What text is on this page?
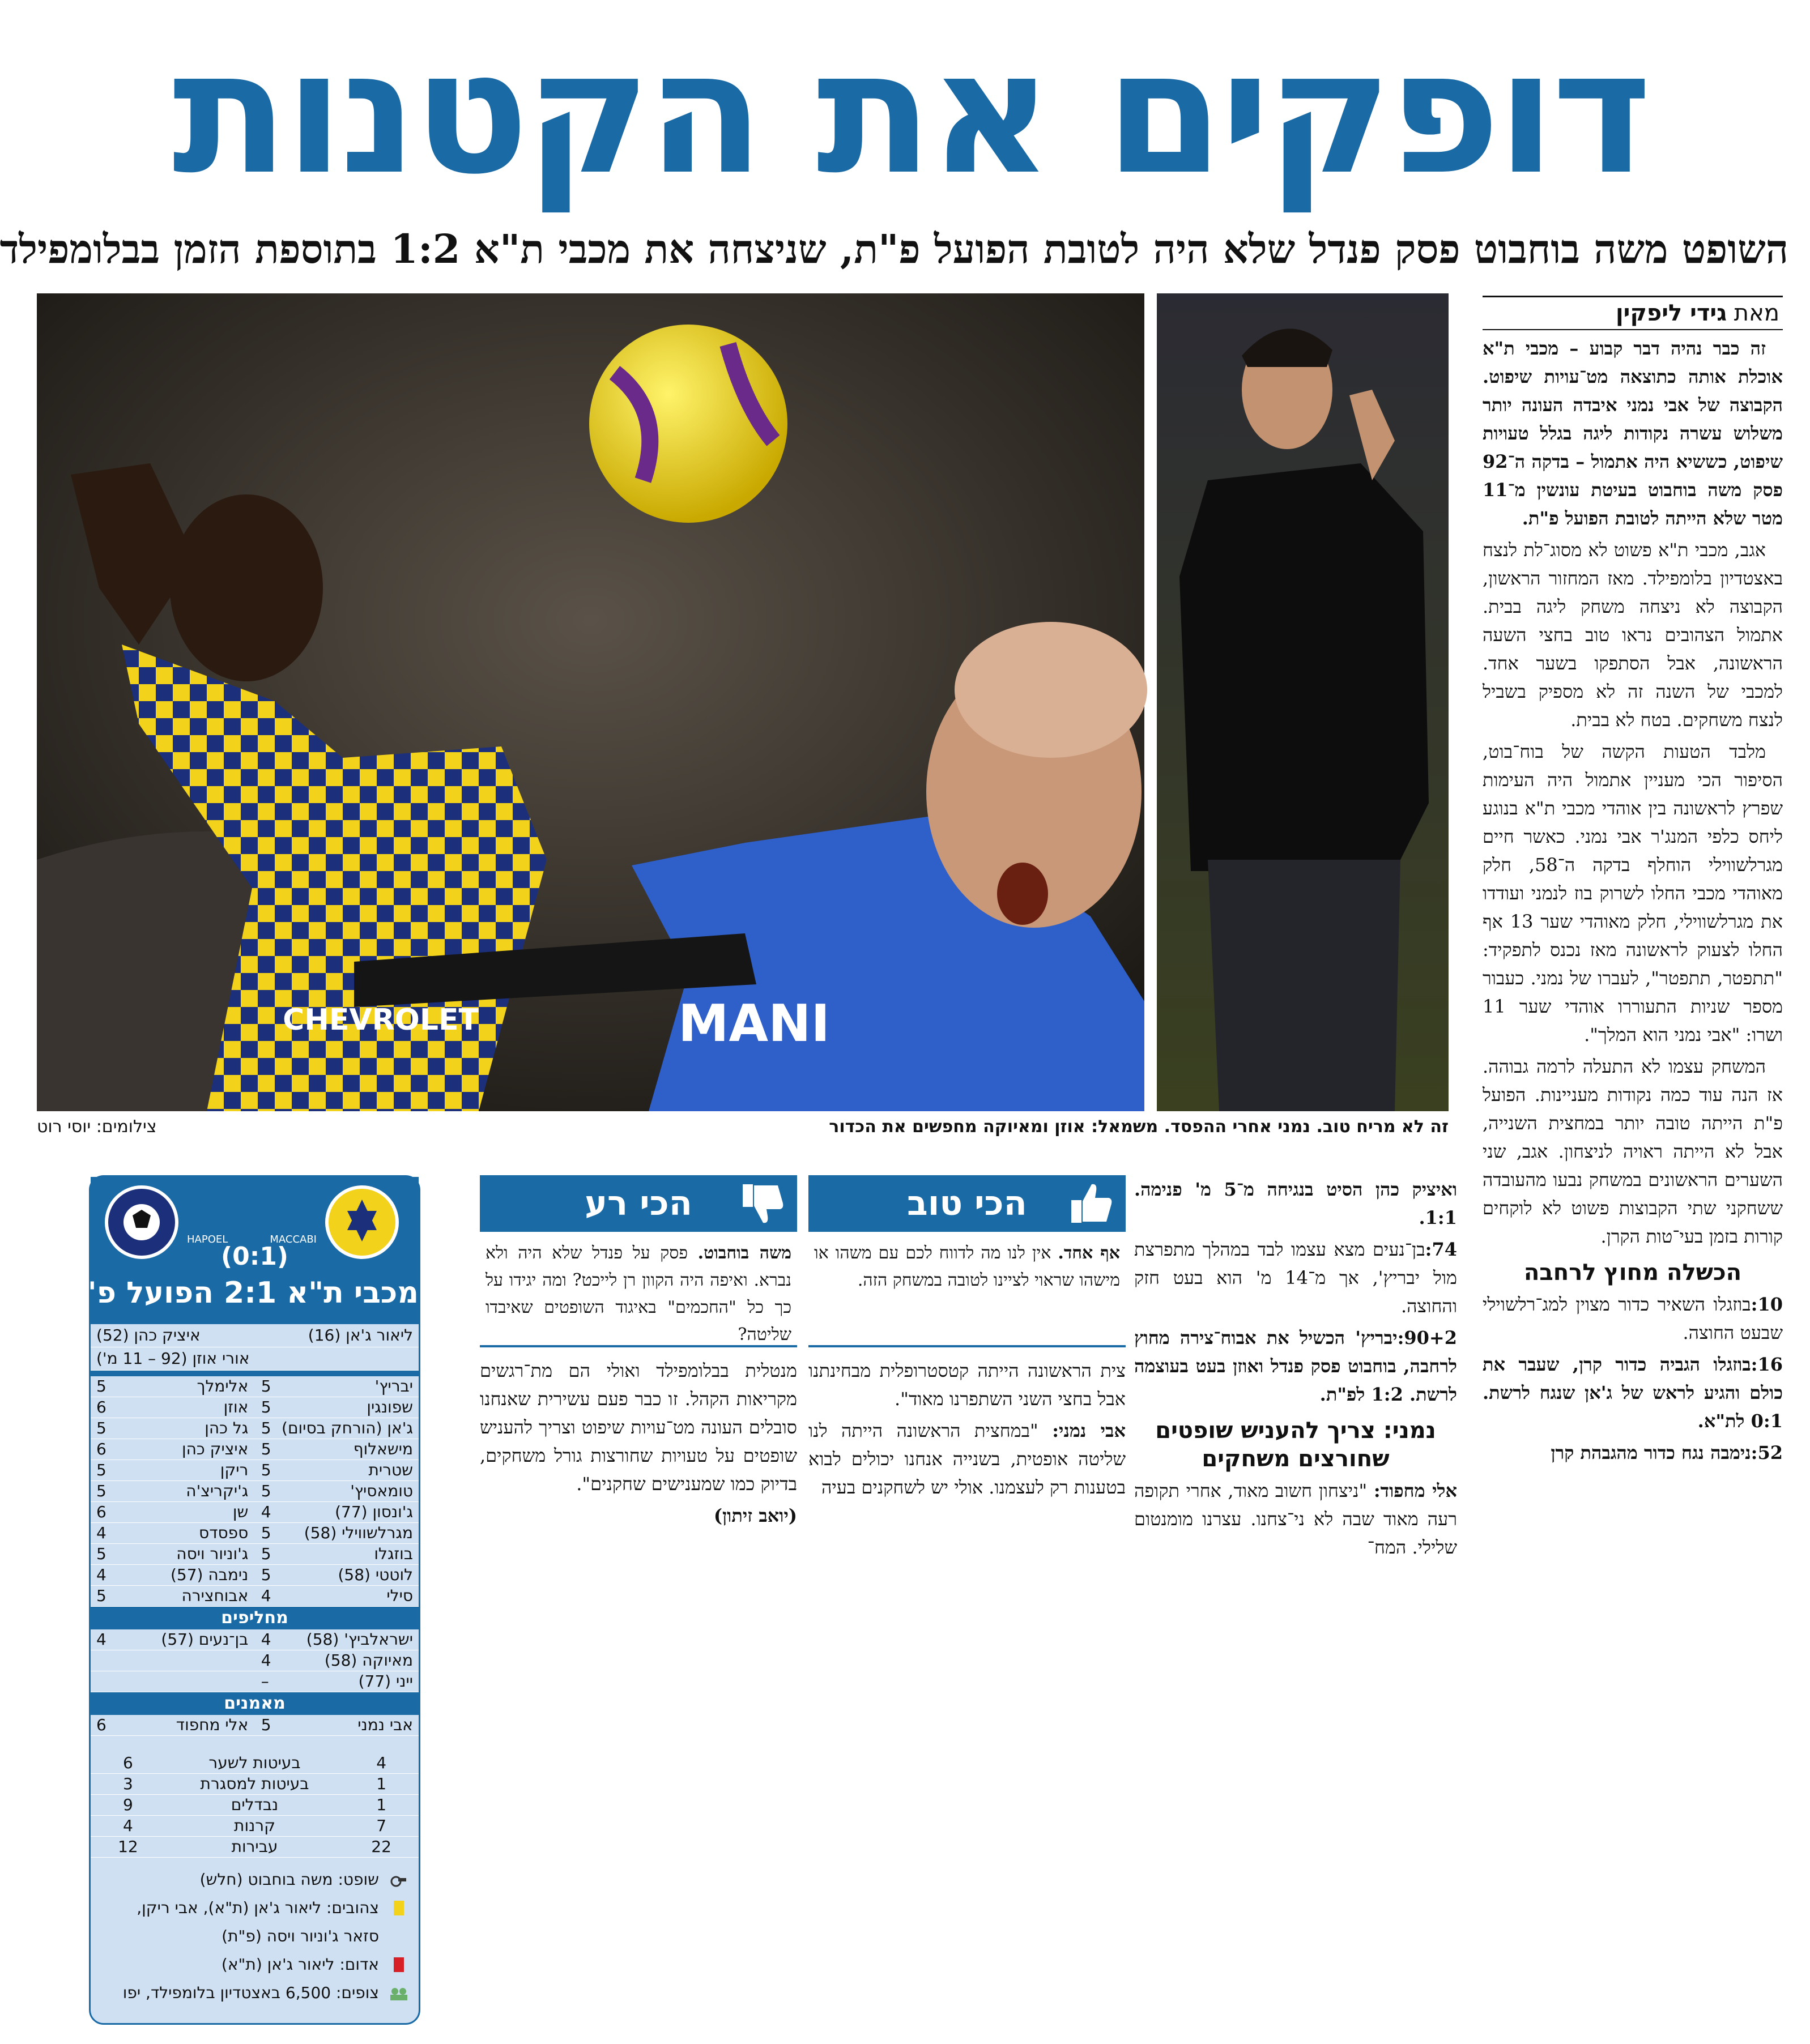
דופקים את הקטנות
השופט משה בוחבוט פסק פנדל שלא היה לטובת הפועל פ"ת, שניצחה את מכבי ת"א 1:2 בתוספת הזמן בבלומפילד
CHEVROLET	MANI
זה לא מריח טוב. נמני אחרי ההפסד. משמאל: אוזן ומאיוקה מחפשים את הכדור
צילומים: יוסי רוט
מאת גידי ליפקין

זה כבר נהיה דבר קבוע – מכבי ת"א אוכלת אותה כתוצאה מט־עויות שיפוט. הקבוצה של אבי נמני איבדה העונה יותר משלוש עשרה נקודות ליגה בגלל טעויות שיפוט, כששיא היה אתמול – בדקה ה־92 פסק משה בוחבוט בעיטת עונשין מ־11 מטר שלא הייתה לטובת הפועל פ"ת.

אגב, מכבי ת"א פשוט לא מסוג־לת לנצח באצטדיון בלומפילד. מאז המחזור הראשון, הקבוצה לא ניצחה משחק ליגה בבית. אתמול הצהובים נראו טוב בחצי השעה הראשונה, אבל הסתפקו בשער אחד. למכבי של השנה זה לא מספיק בשביל לנצח משחקים. בטח לא בבית.

מלבד הטעות הקשה של בוח־בוט, הסיפור הכי מעניין אתמול היה העימות שפרץ לראשונה בין אוהדי מכבי ת"א בנוגע ליחס כלפי המנג'ר אבי נמני. כאשר חיים מגרלשווילי הוחלף בדקה ה־58, חלק מאוהדי מכבי החלו לשרוק בוז לנמני ועודדו את מגרלשווילי, חלק מאוהדי שער 13 אף החלו לצעוק לראשונה מאז נכנס לתפקיד: "תתפטר, תתפטר", לעברו של נמני. כעבור מספר שניות התעוררו אוהדי שער 11 ושרו: "אבי נמני הוא המלך".

המשחק עצמו לא התעלה לרמה גבוהה. אז הנה עוד כמה נקודות מעניינות. הפועל פ"ת הייתה טובה יותר במחצית השנייה, אבל לא הייתה ראויה לניצחון. אגב, שני השערים הראשונים במשחק נבעו מהעובדה ששחקני שתי הקבוצות פשוט לא לוקחים קורות בזמן בעי־טות הקרן.

הכשלה מחוץ לרחבה

10:בוזגלו השאיר כדור מצוין למג־רלשוילי שבעט החוצה.

16:בוזגלו הגביה כדור קרן, שעבר את כולם והגיע לראש של ג'אן שנגח לרשת. 0:1 לת"א.

52:נימבה נגח כדור מהגבהת קרן

ואיציק כהן הסיט בנגיחה מ־5 מ' פנימה. 1:1.

74:בן־נעים מצא עצמו לבד במהלך מתפרצת מול יבריץ', אך מ־14 מ' הוא בעט חזק והחוצה.

90+2:יבריץ' הכשיל את אבוח־צירה מחוץ לרחבה, בוחבוט פסק פנדל ואוזן בעט בעוצמה לרשת. 1:2 לפ"ת.

נמני: צריך להעניש שופטים שחורצים משחקים

אלי מחפוד: "ניצחון חשוב מאוד, אחרי תקופה רעה מאוד שבה לא ני־צחנו. עצרנו מומנטום שלילי. המח־

הכי טוב
אף אחד. אין לנו מה לדווח לכם עם משהו או מישהו שראוי לציינו לטובה במשחק הזה.
הכי רע
משה בוחבוט. פסק על פנדל שלא היה ולא נברא. ואיפה היה הקוון רן לייכט? ומה יגידו על כך כל "החכמים" באיגוד השופטים שאיבדו שליטה?

צית הראשונה הייתה קטסטרופלית מבחינתנו אבל בחצי השני השתפרנו מאוד".

אבי נמני: "במחצית הראשונה הייתה לנו שליטה אופטית, בשנייה אנחנו יכולים לבוא בטענות רק לעצמנו. אולי יש לשחקנים בעיה

מנטלית בבלומפילד ואולי הם מת־רגשים מקריאות הקהל. זו כבר פעם עשירית שאנחנו סובלים העונה מט־עויות שיפוט וצריך להעניש שופטים על טעויות שחורצות גורל משחקים, בדיוק כמו שמענישים שחקנים".

(יואב זיתון)

MACCABI
HAPOEL
(0:1)
מכבי ת"א 2:1 הפועל פ"ת
ליאור ג'אן (16)
איציק כהן (52)
אורי אוזן (92 – 11 מ')
יבריץ'
5
אלימלך
5
שפונגין
5
אוזן
6
ג'אן (הורחק בסיום)
5
גל כהן
5
מישאלוף
5
איציק כהן
6
שטרית
5
ריקן
5
טומאסיץ'
5
ג'יקריצ'ה
5
ג'ונסון (77)
4
שן
6
מגרלשווילי (58)
5
ספסדס
4
בוזגלו
5
ג'וניור ויסה
5
לוטטי (58)
5
נימבה (57)
4
סילי
4
אבוחצירה
5
מחליפים
ישראלביץ' (58)
4
בן־נעים (57)
4
מאיוקה (58)
4
ייני (77)
–
מאמנים
אבי נמני
5
אלי מחפוד
6
4
בעיטות לשער
6
1
בעיטות למסגרת
3
1
נבדלים
9
7
קרנות
4
22
עבירות
12
שופט: משה בוחבוט (חלש)
צהובים: ליאור ג'אן (ת"א), אבי ריקן,
סזאר ג'וניור ויסה (פ"ת)
אדום: ליאור ג'אן (ת"א)
צופים: 6,500 באצטדיון בלומפילד, יפו
